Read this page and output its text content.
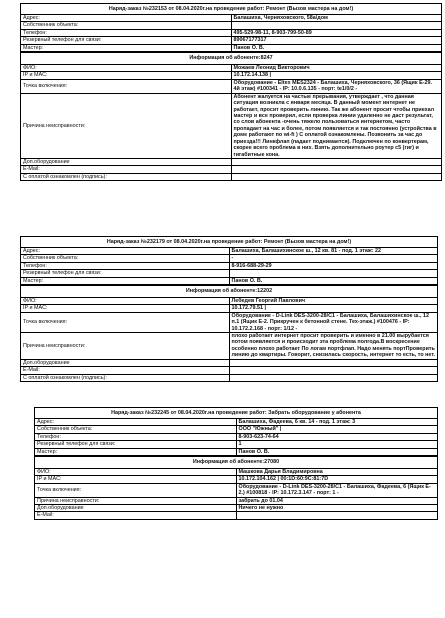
Наряд-заказ №232153 от 08.04.2020г.на проведение работ: Ремонт (Вызов мастера на дом!)	
Адрес:	Балашиха, Черняховского, 58а/дом
Собственник объекта:	
Телефон:	495-529-98-11, 8-903-799-50-89
Резервный телефон для связи:	89067177317
Мастер:	Панов О. В.
Информация об абоненте:8247	
ФИО:	Можаев Леонид Викторович
IP и MAC:	10.172.14.138 |
Точка включения:	Оборудование - Eltex MES2324 - Балашиха, Черняховского, 36 (Ящик E-29. 4й этаж) #100341 - IP: 10.0.6.135 - порт: te1/0/2 -
Причина неисправности:	Абонент жалуется на частые прерывания, утверждает , что данная ситуация возникла с января месяца. В данный момент интернет не работает, просит проверить линию. Так же абонент просит чтобы приехал мастер и все проверил, если проверка линии удаленно не даст результат, со слов абонента -очень тяжело пользоваться интернетом, часто пропадает на час и более, потом появляется и так постоянно (устройства в доме работают по wi-fi ) С оплатой ознакомлены. Позвонить за час до приезда!!! Линкфлап (падает поднимается). Подключен по конвертерам, скорее всего проблема в них. Взять дополнительно роутер с5 (гиг) и гигабитные кона.
Доп.оборудование	
E-Mail:	
С оплатой ознакомлен (подпись):	
Наряд-заказ №232179 от 08.04.2020г.на проведение работ: Ремонт (Вызов мастера на дом!)	
Адрес:	Балашиха, Балашихинское ш., 12 кв. 81 - под. 1 этаж: 22
Собственник объекта:	-
Телефон:	8-916-688-29-29
Резервный телефон для связи:	
Мастер:	Панов О. В.
Информация об абоненте:12202	
ФИО:	Лебедев Георгий Павлович
IP и MAC:	10.172.79.51 |
Точка включения:	Оборудование - D-Link DES-3200-28/C1 - Балашиха, Балашихинское ш., 12 п.1 (Ящик E-2. Прикручен к бетонной стене. Тех-этаж.) #100476 - IP: 10.172.2.168 - порт: 1/12 -
Причина неисправности:	плохо работает интернет просит проверить и именно в 21.00 вырубается потом появляется и происходит эта проблема полгода.В воскресение особенно плохо работает По логам портфлап. Надо менять портПроверить линию до квартиры. Говорит, снизилась скорость, интернет то есть, то нет.
Доп.оборудование	
E-Mail:	
С оплатой ознакомлен (подпись):	
Наряд-заказ №232245 от 08.04.2020г.на проведение работ: Забрать оборудование у абонента	
Адрес:	Балашиха, Фадеева, 6 кв. 14 - под. 1 этаж: 3
Собственник объекта:	ООО "Южный" |
Телефон:	8-903-623-74-64
Резервный телефон для связи:	1
Мастер:	Панов О. В.
Информация об абоненте:27080	
ФИО:	Машкова Дарья Владимировна
IP и MAC:	10.172.104.162 | 00:1D:60:9C:81:7D
Точка включения:	Оборудование - D-Link DES-3200-28/C1 - Балашиха, Фадеева, 6 (Ящик E-2.) #100818 - IP: 10.172.3.147 - порт: 1 -
Причина неисправности:	забрать до 01.04
Доп.оборудование	Ничего не нужно
E-Mail:	
